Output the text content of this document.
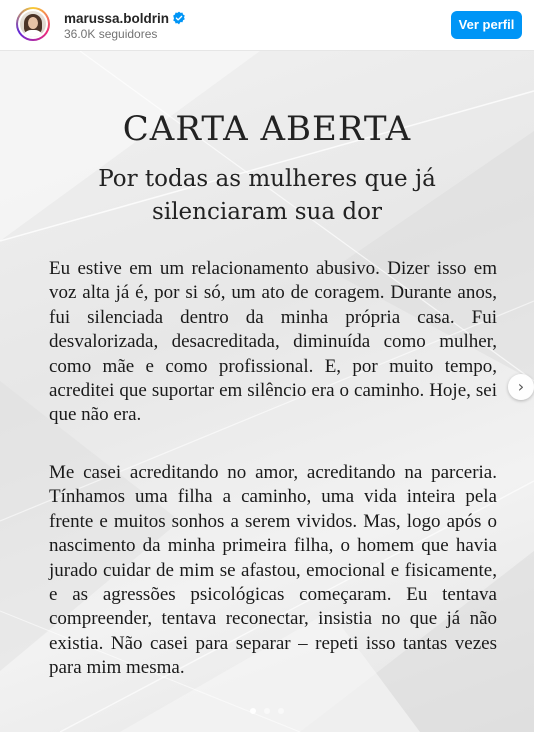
marussa.boldrin
36.0K seguidores
Ver perfil
CARTA ABERTA
Por todas as mulheres que já silenciaram sua dor
Eu estive em um relacionamento abusivo. Dizer isso em voz alta já é, por si só, um ato de coragem. Durante anos, fui silenciada dentro da minha própria casa. Fui desvalorizada, desacreditada, diminuída como mulher, como mãe e como profissional. E, por muito tempo, acreditei que suportar em silêncio era o caminho. Hoje, sei que não era.
Me casei acreditando no amor, acreditando na parceria. Tínhamos uma filha a caminho, uma vida inteira pela frente e muitos sonhos a serem vividos. Mas, logo após o nascimento da minha primeira filha, o homem que havia jurado cuidar de mim se afastou, emocional e fisicamente, e as agressões psicológicas começaram. Eu tentava compreender, tentava reconectar, insistia no que já não existia. Não casei para separar – repeti isso tantas vezes para mim mesma.
›
